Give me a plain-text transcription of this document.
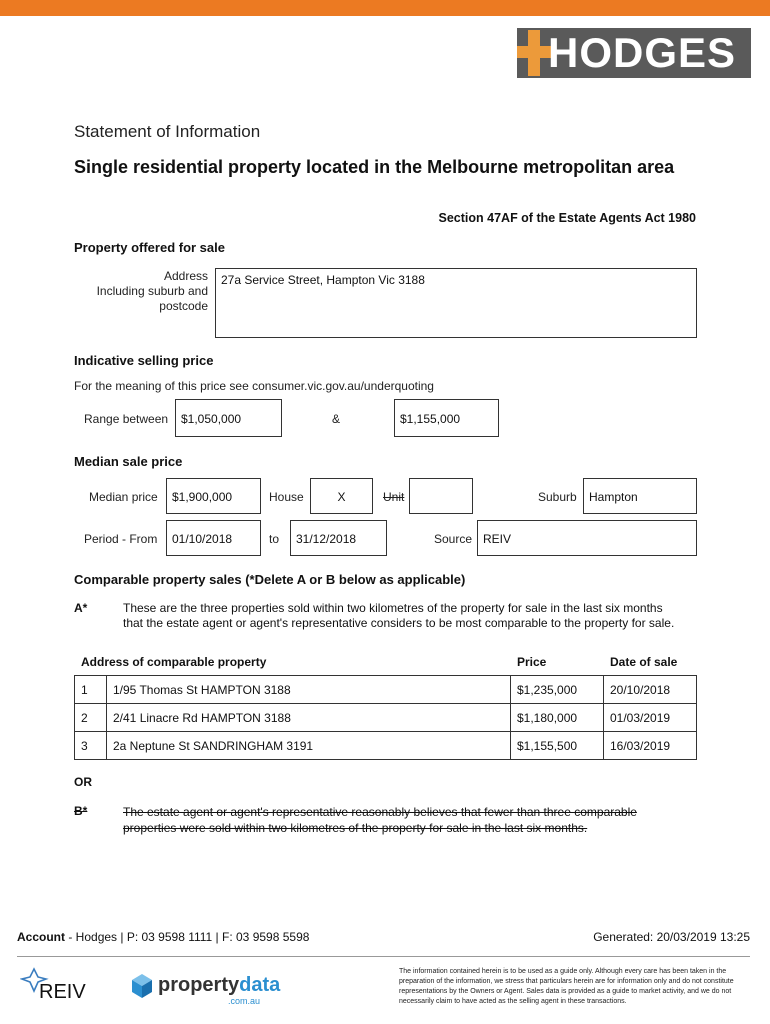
HODGES
Statement of Information
Single residential property located in the Melbourne metropolitan area
Section 47AF of the Estate Agents Act 1980
Property offered for sale
Address
Including suburb and
postcode
27a Service Street, Hampton Vic 3188
Indicative selling price
For the meaning of this price see consumer.vic.gov.au/underquoting
Range between	$1,050,000	&	$1,155,000
Median sale price
Median price	$1,900,000	House	X	Unit	Suburb	Hampton
Period - From	01/10/2018	to	31/12/2018	Source REIV
Comparable property sales (*Delete A or B below as applicable)
A*	These are the three properties sold within two kilometres of the property for sale in the last six months that the estate agent or agent's representative considers to be most comparable to the property for sale.
Address of comparable property	Price	Date of sale
1	1/95 Thomas St HAMPTON 3188	$1,235,000	20/10/2018
2	2/41 Linacre Rd HAMPTON 3188	$1,180,000	01/03/2019
3	2a Neptune St SANDRINGHAM 3191	$1,155,500	16/03/2019
OR
B*	The estate agent or agent's representative reasonably believes that fewer than three comparable properties were sold within two kilometres of the property for sale in the last six months.
Account - Hodges | P: 03 9598 1111 | F: 03 9598 5598	Generated: 20/03/2019 13:25
REIV	propertydata
.com.au
The information contained herein is to be used as a guide only. Although every care has been taken in the preparation of the information, we stress that particulars herein are for information only and do not constitute representations by the Owners or Agent. Sales data is provided as a guide to market activity, and we do not necessarily claim to have acted as the selling agent in these transactions.
